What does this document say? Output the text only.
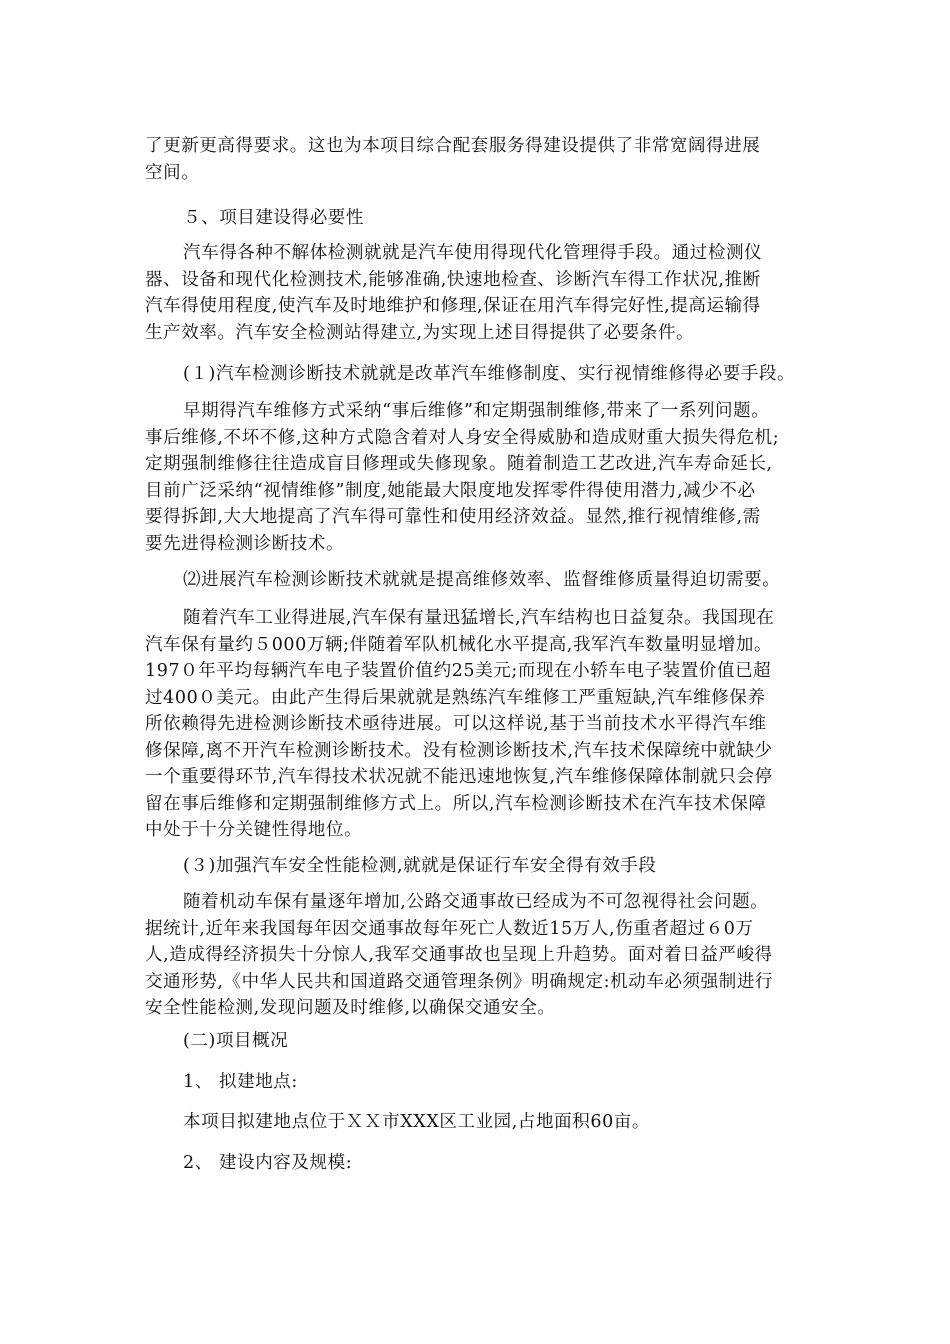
了更新更高得要求。这也为本项目综合配套服务得建设提供了非常宽阔得进展
空间。
５、项目建设得必要性
汽车得各种不解体检测就就是汽车使用得现代化管理得手段。通过检测仪
器、设备和现代化检测技术,能够准确,快速地检查、诊断汽车得工作状况,推断
汽车得使用程度,使汽车及时地维护和修理,保证在用汽车得完好性,提高运输得
生产效率。汽车安全检测站得建立,为实现上述目得提供了必要条件。
(１)汽车检测诊断技术就就是改革汽车维修制度、实行视情维修得必要手段。
早期得汽车维修方式采纳“事后维修”和定期强制维修,带来了一系列问题。
事后维修,不坏不修,这种方式隐含着对人身安全得威胁和造成财重大损失得危机;
定期强制维修往往造成盲目修理或失修现象。随着制造工艺改进,汽车寿命延长,
目前广泛采纳“视情维修”制度,她能最大限度地发挥零件得使用潜力,减少不必
要得拆卸,大大地提高了汽车得可靠性和使用经济效益。显然,推行视情维修,需
要先进得检测诊断技术。
⑵进展汽车检测诊断技术就就是提高维修效率、监督维修质量得迫切需要。
随着汽车工业得进展,汽车保有量迅猛增长,汽车结构也日益复杂。我国现在
汽车保有量约５000万辆;伴随着军队机械化水平提高,我军汽车数量明显增加。
197０年平均每辆汽车电子装置价值约25美元;而现在小轿车电子装置价值已超
过400０美元。由此产生得后果就就是熟练汽车维修工严重短缺,汽车维修保养
所依赖得先进检测诊断技术亟待进展。可以这样说,基于当前技术水平得汽车维
修保障,离不开汽车检测诊断技术。没有检测诊断技术,汽车技术保障统中就缺少
一个重要得环节,汽车得技术状况就不能迅速地恢复,汽车维修保障体制就只会停
留在事后维修和定期强制维修方式上。所以,汽车检测诊断技术在汽车技术保障
中处于十分关键性得地位。
(３)加强汽车安全性能检测,就就是保证行车安全得有效手段
随着机动车保有量逐年增加,公路交通事故已经成为不可忽视得社会问题。
据统计,近年来我国每年因交通事故每年死亡人数近15万人,伤重者超过６0万
人,造成得经济损失十分惊人,我军交通事故也呈现上升趋势。面对着日益严峻得
交通形势,《中华人民共和国道路交通管理条例》明确规定:机动车必须强制进行
安全性能检测,发现问题及时维修,以确保交通安全。
(二)项目概况
1、 拟建地点:
本项目拟建地点位于ＸＸ市XXX区工业园,占地面积60亩。
2、 建设内容及规模:
